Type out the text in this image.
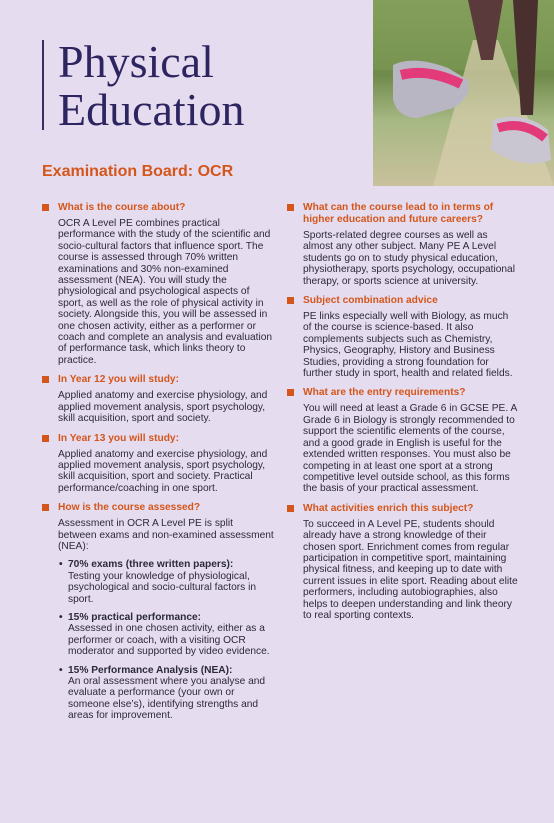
Physical
Education
Examination Board: OCR
What is the course about?
OCR A Level PE combines practical performance with the study of the scientific and socio-cultural factors that influence sport. The course is assessed through 70% written examinations and 30% non-examined assessment (NEA). You will study the physiological and psychological aspects of sport, as well as the role of physical activity in society. Alongside this, you will be assessed in one chosen activity, either as a performer or coach and complete an analysis and evaluation of performance task, which links theory to practice.
In Year 12 you will study:
Applied anatomy and exercise physiology, and applied movement analysis, sport psychology, skill acquisition, sport and society.
In Year 13 you will study:
Applied anatomy and exercise physiology, and applied movement analysis, sport psychology, skill acquisition, sport and society. Practical performance/coaching in one sport.
How is the course assessed?
Assessment in OCR A Level PE is split between exams and non-examined assessment (NEA):
• 70% exams (three written papers):
Testing your knowledge of physiological, psychological and socio-cultural factors in sport.
• 15% practical performance:
Assessed in one chosen activity, either as a performer or coach, with a visiting OCR moderator and supported by video evidence.
• 15% Performance Analysis (NEA):
An oral assessment where you analyse and evaluate a performance (your own or someone else’s), identifying strengths and areas for improvement.
What can the course lead to in terms of higher education and future careers?
Sports-related degree courses as well as almost any other subject. Many PE A Level students go on to study physical education, physiotherapy, sports psychology, occupational therapy, or sports science at university.
Subject combination advice
PE links especially well with Biology, as much of the course is science-based. It also complements subjects such as Chemistry, Physics, Geography, History and Business Studies, providing a strong foundation for further study in sport, health and related fields.
What are the entry requirements?
You will need at least a Grade 6 in GCSE PE. A Grade 6 in Biology is strongly recommended to support the scientific elements of the course, and a good grade in English is useful for the extended written responses. You must also be competing in at least one sport at a strong competitive level outside school, as this forms the basis of your practical assessment.
What activities enrich this subject?
To succeed in A Level PE, students should already have a strong knowledge of their chosen sport. Enrichment comes from regular participation in competitive sport, maintaining physical fitness, and keeping up to date with current issues in elite sport. Reading about elite performers, including autobiographies, also helps to deepen understanding and link theory to real sporting contexts.
